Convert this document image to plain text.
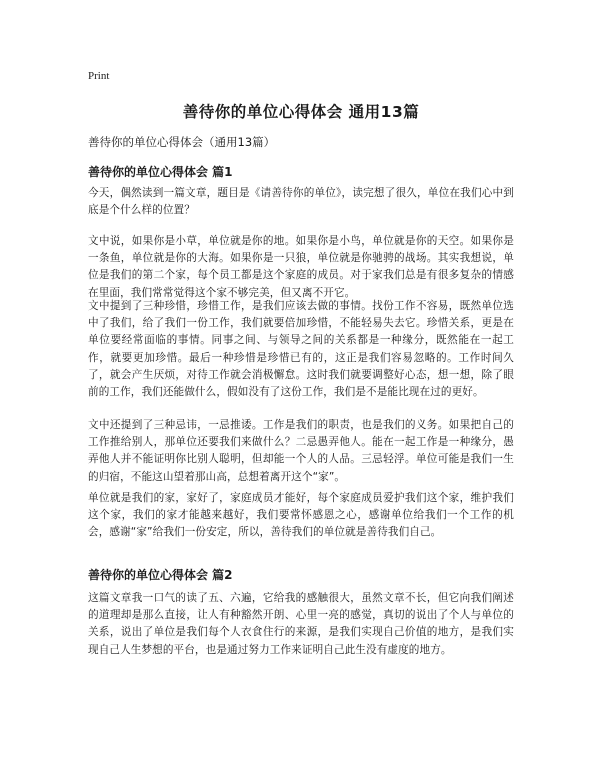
Print

善待你的单位心得体会 通用13篇

善待你的单位心得体会（通用13篇）

善待你的单位心得体会 篇1

今天，偶然读到一篇文章，题目是《请善待你的单位》，读完想了很久，单位在我们心中到底是个什么样的位置？

文中说，如果你是小草，单位就是你的地。如果你是小鸟，单位就是你的天空。如果你是一条鱼，单位就是你的大海。如果你是一只狼，单位就是你驰骋的战场。其实我想说，单位是我们的第二个家，每个员工都是这个家庭的成员。对于家我们总是有很多复杂的情感在里面，我们常常觉得这个家不够完美，但又离不开它。

文中提到了三种珍惜，珍惜工作，是我们应该去做的事情。找份工作不容易，既然单位选中了我们，给了我们一份工作，我们就要倍加珍惜，不能轻易失去它。珍惜关系，更是在单位要经常面临的事情。同事之间、与领导之间的关系都是一种缘分，既然能在一起工作，就要更加珍惜。最后一种珍惜是珍惜已有的，这正是我们容易忽略的。工作时间久了，就会产生厌烦，对待工作就会消极懈怠。这时我们就要调整好心态，想一想，除了眼前的工作，我们还能做什么，假如没有了这份工作，我们是不是能比现在过的更好。

文中还提到了三种忌讳，一忌推诿。工作是我们的职责，也是我们的义务。如果把自己的工作推给别人，那单位还要我们来做什么？二忌愚弄他人。能在一起工作是一种缘分，愚弄他人并不能证明你比别人聪明，但却能一个人的人品。三忌轻浮。单位可能是我们一生的归宿，不能这山望着那山高，总想着离开这个“家”。

单位就是我们的家，家好了，家庭成员才能好，每个家庭成员爱护我们这个家，维护我们这个家，我们的家才能越来越好，我们要常怀感恩之心，感谢单位给我们一个工作的机会，感谢“家”给我们一份安定，所以，善待我们的单位就是善待我们自己。

善待你的单位心得体会 篇2

这篇文章我一口气的读了五、六遍，它给我的感触很大，虽然文章不长，但它向我们阐述的道理却是那么直接，让人有种豁然开朗、心里一亮的感觉，真切的说出了个人与单位的关系，说出了单位是我们每个人衣食住行的来源，是我们实现自己价值的地方，是我们实现自己人生梦想的平台，也是通过努力工作来证明自己此生没有虚度的地方。
